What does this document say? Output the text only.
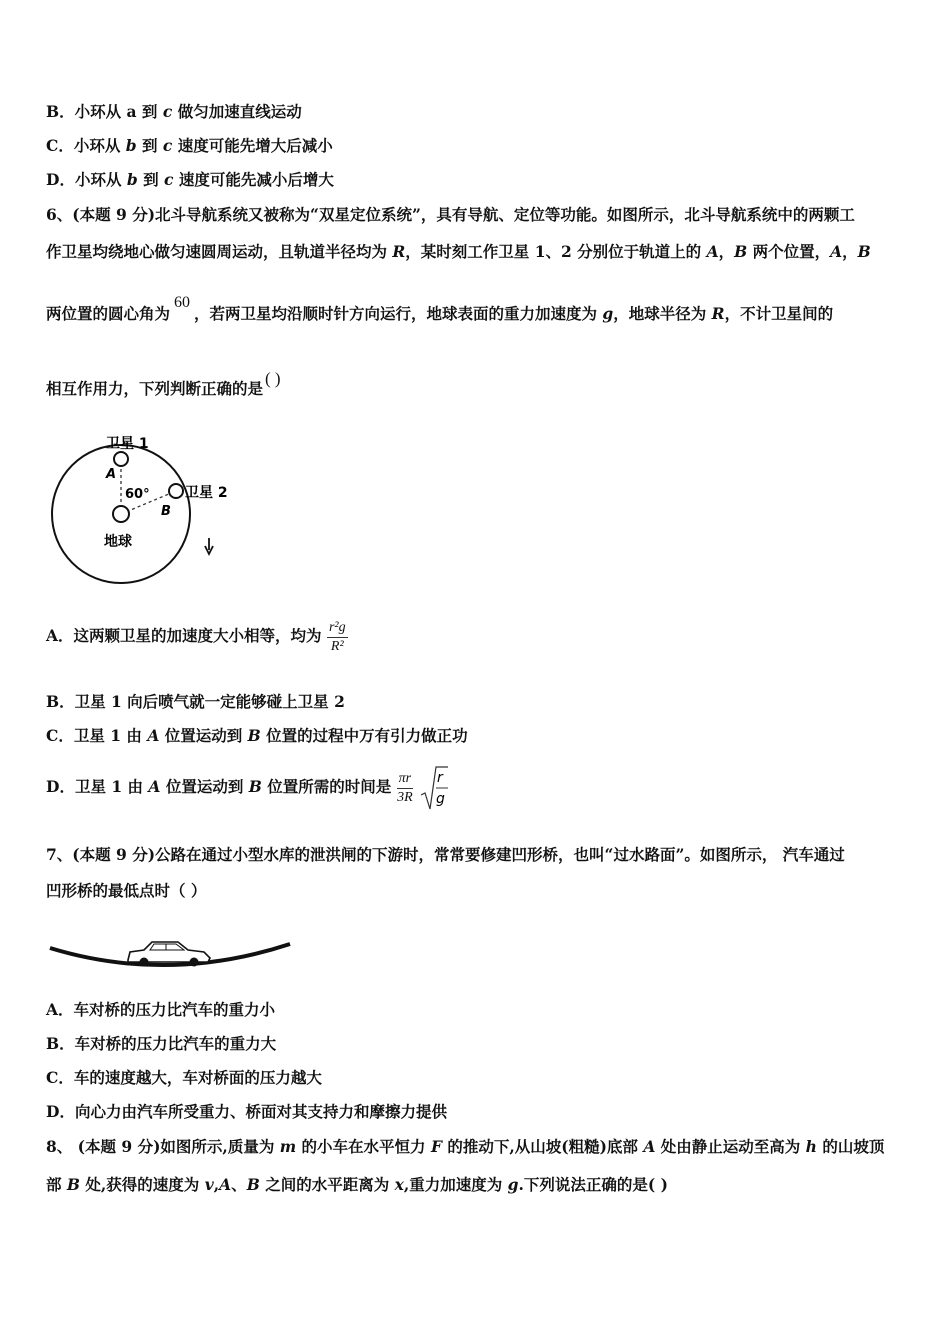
B．小环从 a 到 c 做匀加速直线运动
C．小环从 b 到 c 速度可能先增大后减小
D．小环从 b 到 c 速度可能先减小后增大
6、(本题 9 分)北斗导航系统又被称为“双星定位系统”，具有导航、定位等功能。如图所示，北斗导航系统中的两颗工
作卫星均绕地心做匀速圆周运动，且轨道半径均为 R，某时刻工作卫星 1、2 分别位于轨道上的 A，B 两个位置，A，B
两位置的圆心角为60，若两卫星均沿顺时针方向运行，地球表面的重力加速度为 g，地球半径为 R，不计卫星间的
相互作用力，下列判断正确的是( )
卫星 1
卫星 2
A
B
60°
地球
A．这两颗卫星的加速度大小相等，均为 $\frac{\text{r²g}}{\text{R²}}$
B．卫星 1 向后喷气就一定能够碰上卫星 2
C．卫星 1 由 A 位置运动到 B 位置的过程中万有引力做正功
D．卫星 1 由 A 位置运动到 B 位置所需的时间是 $\frac{\pi r}{3R}$
r
g
7、(本题 9 分)公路在通过小型水库的泄洪闸的下游时，常常要修建凹形桥，也叫“过水路面”。如图所示， 汽车通过
凹形桥的最低点时（ ）
A．车对桥的压力比汽车的重力小
B．车对桥的压力比汽车的重力大
C．车的速度越大，车对桥面的压力越大
D．向心力由汽车所受重力、桥面对其支持力和摩擦力提供
8、 (本题 9 分)如图所示,质量为 m 的小车在水平恒力 F 的推动下,从山坡(粗糙)底部 A 处由静止运动至高为 h 的山坡顶
部 B 处,获得的速度为 v,A、B 之间的水平距离为 x,重力加速度为 g.下列说法正确的是( )
